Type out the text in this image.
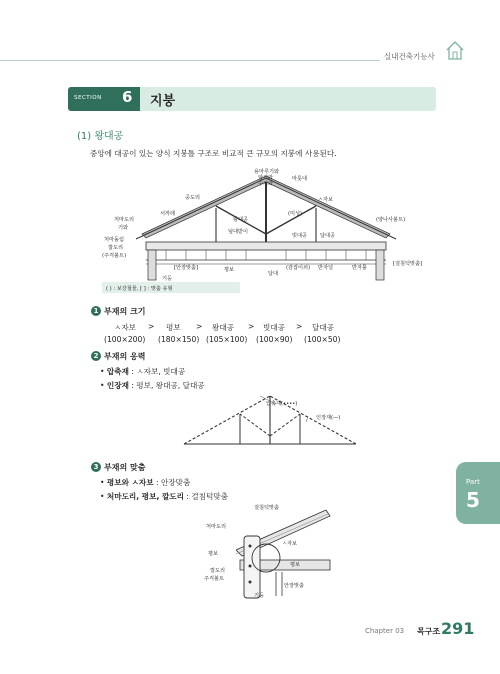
실내건축기능사
SECTION 6 지붕
(1) 왕대공
중앙에 대공이 있는 양식 지붕틀 구조로 비교적 큰 규모의 지붕에 사용된다.
용마루기와
암키와
수키와
마룻대
중도리
서까래
ㅅ자보
처마도리
기와
왕대공
(미성)
(양나사볼트)
덮대받이
빗대공 달대공
처마돌림
깔도리
(주걱볼트)
[안장맞춤]	평보
기둥
달대
(감잡이쇠) 반자널	반자틀
[걸침턱맞춤]
( ) : 보강철물, [ ] : 맞춤 유형
1 부재의 크기
ㅅ자보 > 평보 > 왕대공 > 빗대공 > 달대공
(100×200) (180×150) (105×100) (100×90) (100×50)
2 부재의 응력
• 압축재 : ㅅ자보, 빗대공
• 인장재 : 평보, 왕대공, 달대공
압축재(••••)
인장재(—)
3 부재의 맞춤
• 평보와 ㅅ자보 : 안장맞춤
• 처마도리, 평보, 깔도리 : 걸침턱맞춤
걸침턱맞춤
처마도리
ㅅ자보
평보
평보
깔도리
주걱볼트
안장맞춤
기둥
Part
5
Chapter 03 목구조 291
